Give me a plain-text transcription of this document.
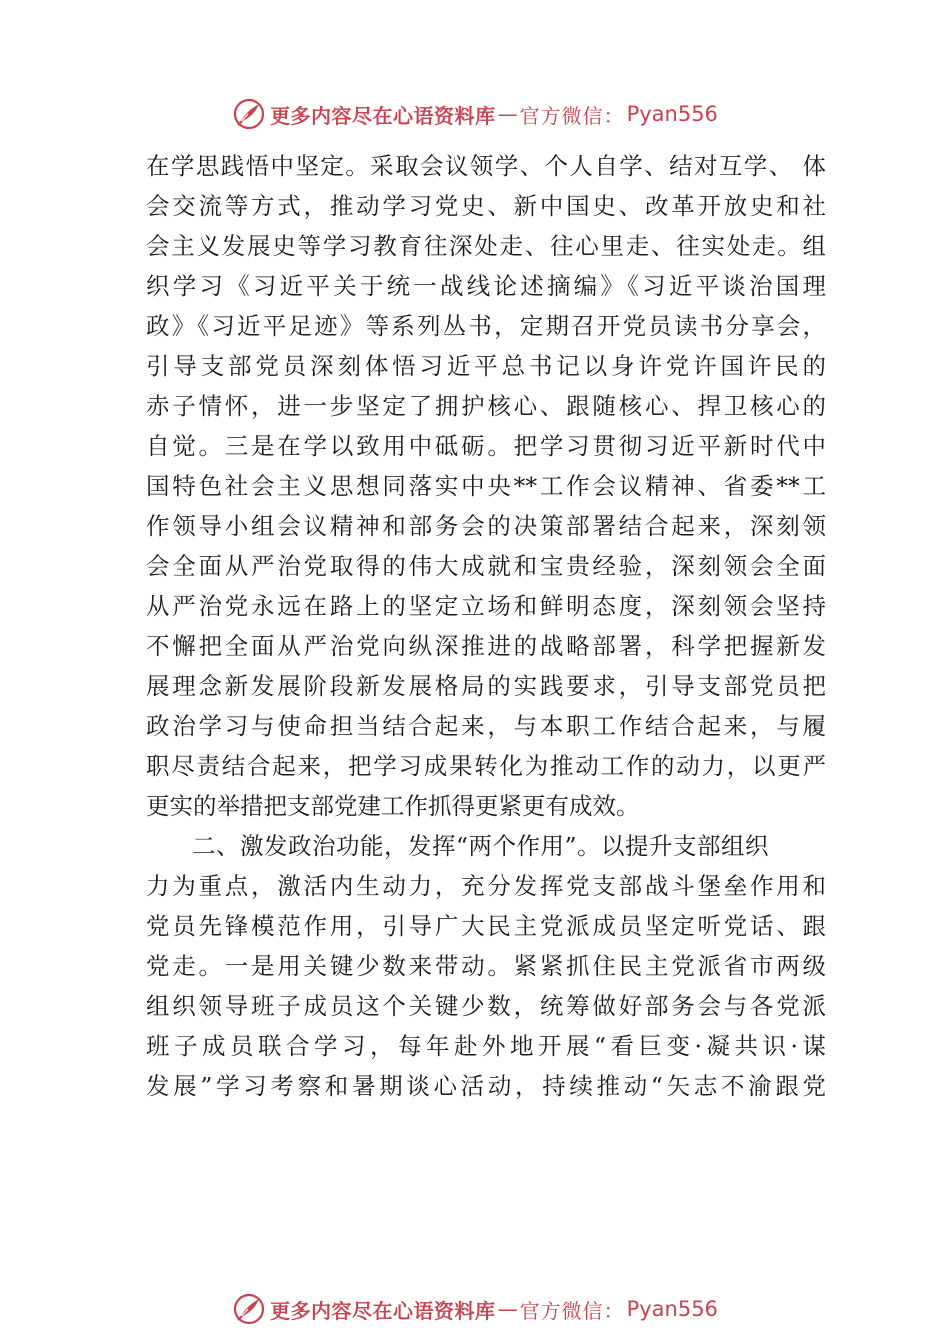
更多内容尽在心语资料库 — 官方微信： Pyan556
在学思践悟中坚定。采取会议领学、个人自学、结对互学、 体
会交流等方式，推动学习党史、新中国史、改革开放史和社
会主义发展史等学习教育往深处走、往心里走、往实处走。组
织学习《习近平关于统一战线论述摘编》《习近平谈治国理
政》《习近平足迹》等系列丛书，定期召开党员读书分享会，
引导支部党员深刻体悟习近平总书记以身许党许国许民的
赤子情怀，进一步坚定了拥护核心、跟随核心、捍卫核心的
自觉。三是在学以致用中砥砺。把学习贯彻习近平新时代中
国特色社会主义思想同落实中央**工作会议精神、省委**工
作领导小组会议精神和部务会的决策部署结合起来，深刻领
会全面从严治党取得的伟大成就和宝贵经验，深刻领会全面
从严治党永远在路上的坚定立场和鲜明态度，深刻领会坚持
不懈把全面从严治党向纵深推进的战略部署，科学把握新发
展理念新发展阶段新发展格局的实践要求，引导支部党员把
政治学习与使命担当结合起来，与本职工作结合起来，与履
职尽责结合起来，把学习成果转化为推动工作的动力，以更严
更实的举措把支部党建工作抓得更紧更有成效。
二、激发政治功能，发挥“两个作用”。以提升支部组织
力为重点，激活内生动力，充分发挥党支部战斗堡垒作用和
党员先锋模范作用，引导广大民主党派成员坚定听党话、跟
党走。一是用关键少数来带动。紧紧抓住民主党派省市两级
组织领导班子成员这个关键少数，统筹做好部务会与各党派
班子成员联合学习，每年赴外地开展“看巨变·凝共识·谋
发展”学习考察和暑期谈心活动，持续推动“矢志不渝跟党
更多内容尽在心语资料库 — 官方微信： Pyan556
